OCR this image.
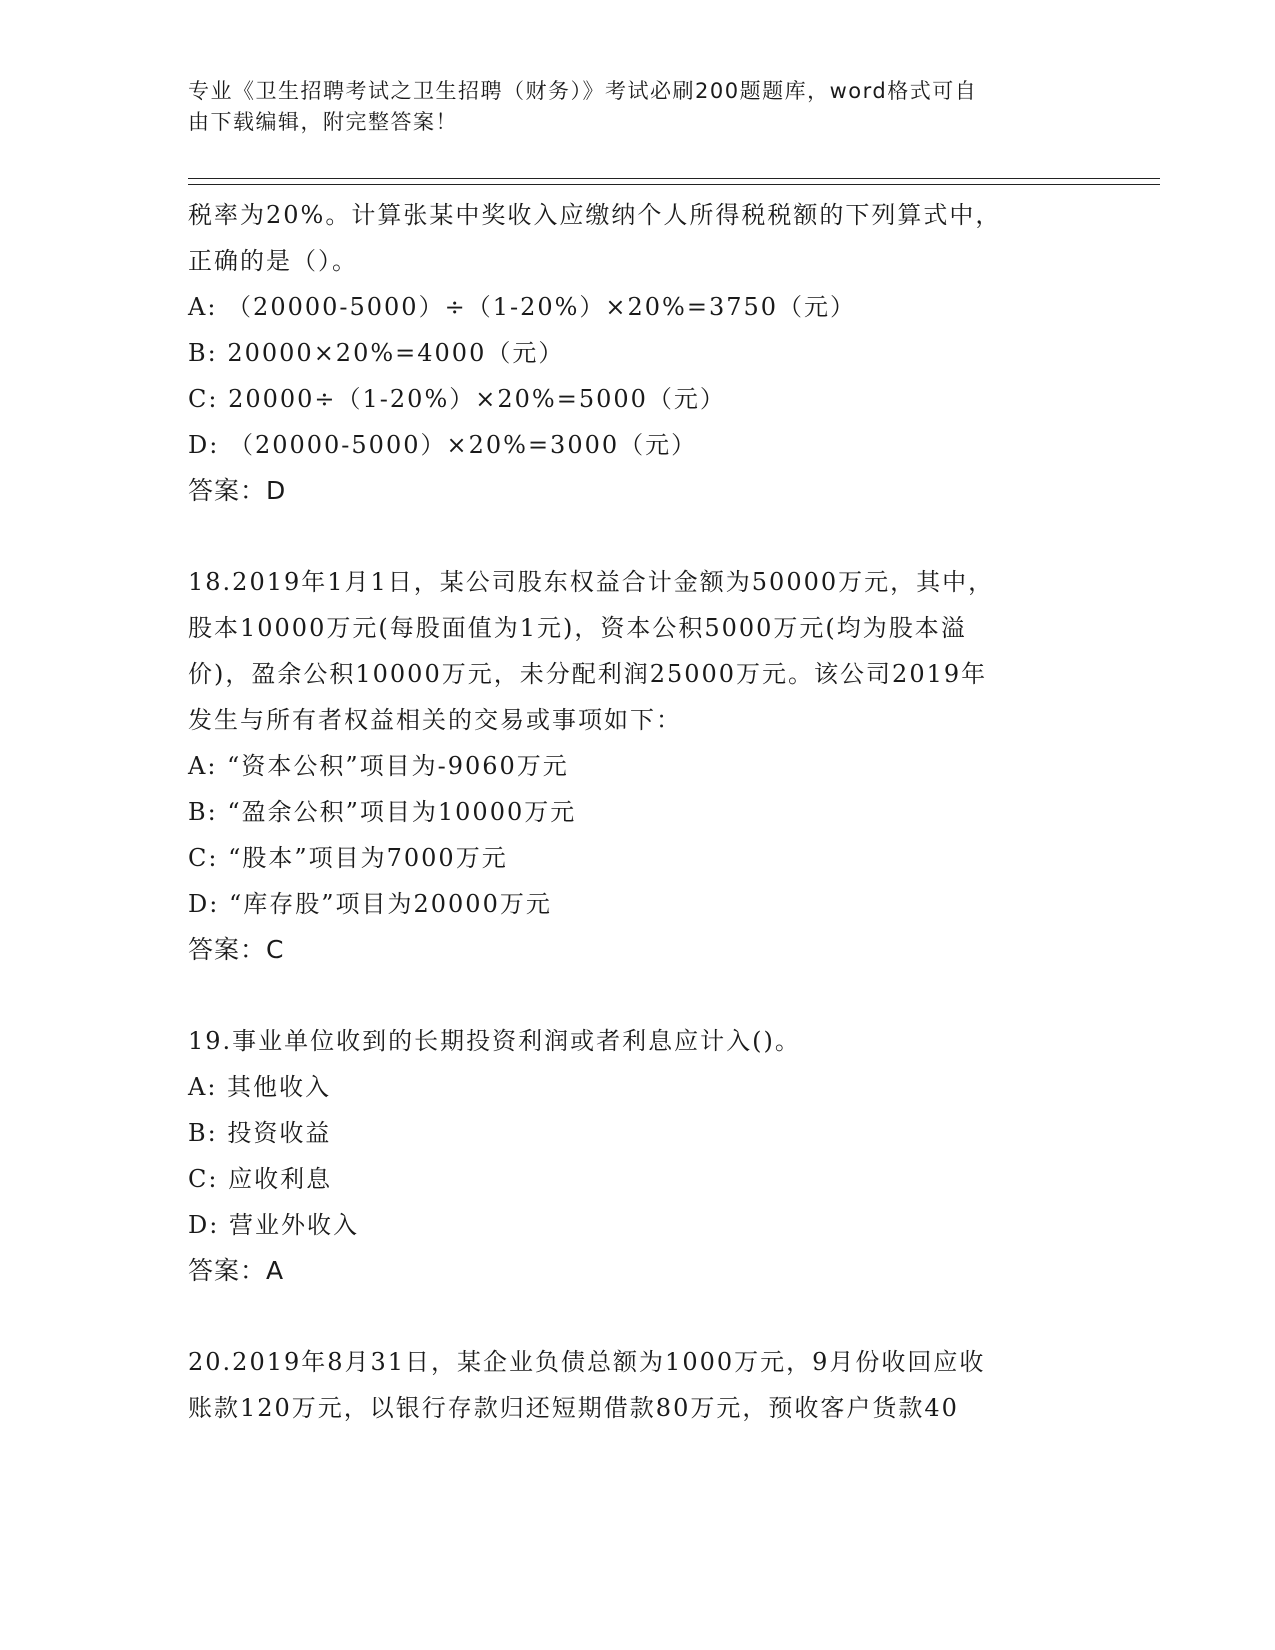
专业《卫生招聘考试之卫生招聘（财务）》考试必刷200题题库，word格式可自
由下载编辑，附完整答案！
税率为20%。计算张某中奖收入应缴纳个人所得税税额的下列算式中，
正确的是（）。
A: （20000-5000）÷（1-20%）×20%=3750（元）
B: 20000×20%=4000（元）
C: 20000÷（1-20%）×20%=5000（元）
D: （20000-5000）×20%=3000（元）
答案：D
18.2019年1月1日，某公司股东权益合计金额为50000万元，其中，
股本10000万元(每股面值为1元)，资本公积5000万元(均为股本溢
价)，盈余公积10000万元，未分配利润25000万元。该公司2019年
发生与所有者权益相关的交易或事项如下：
A: “资本公积”项目为-9060万元
B: “盈余公积”项目为10000万元
C: “股本”项目为7000万元
D: “库存股”项目为20000万元
答案：C
19.事业单位收到的长期投资利润或者利息应计入()。
A: 其他收入
B: 投资收益
C: 应收利息
D: 营业外收入
答案：A
20.2019年8月31日，某企业负债总额为1000万元，9月份收回应收
账款120万元，以银行存款归还短期借款80万元，预收客户货款40
